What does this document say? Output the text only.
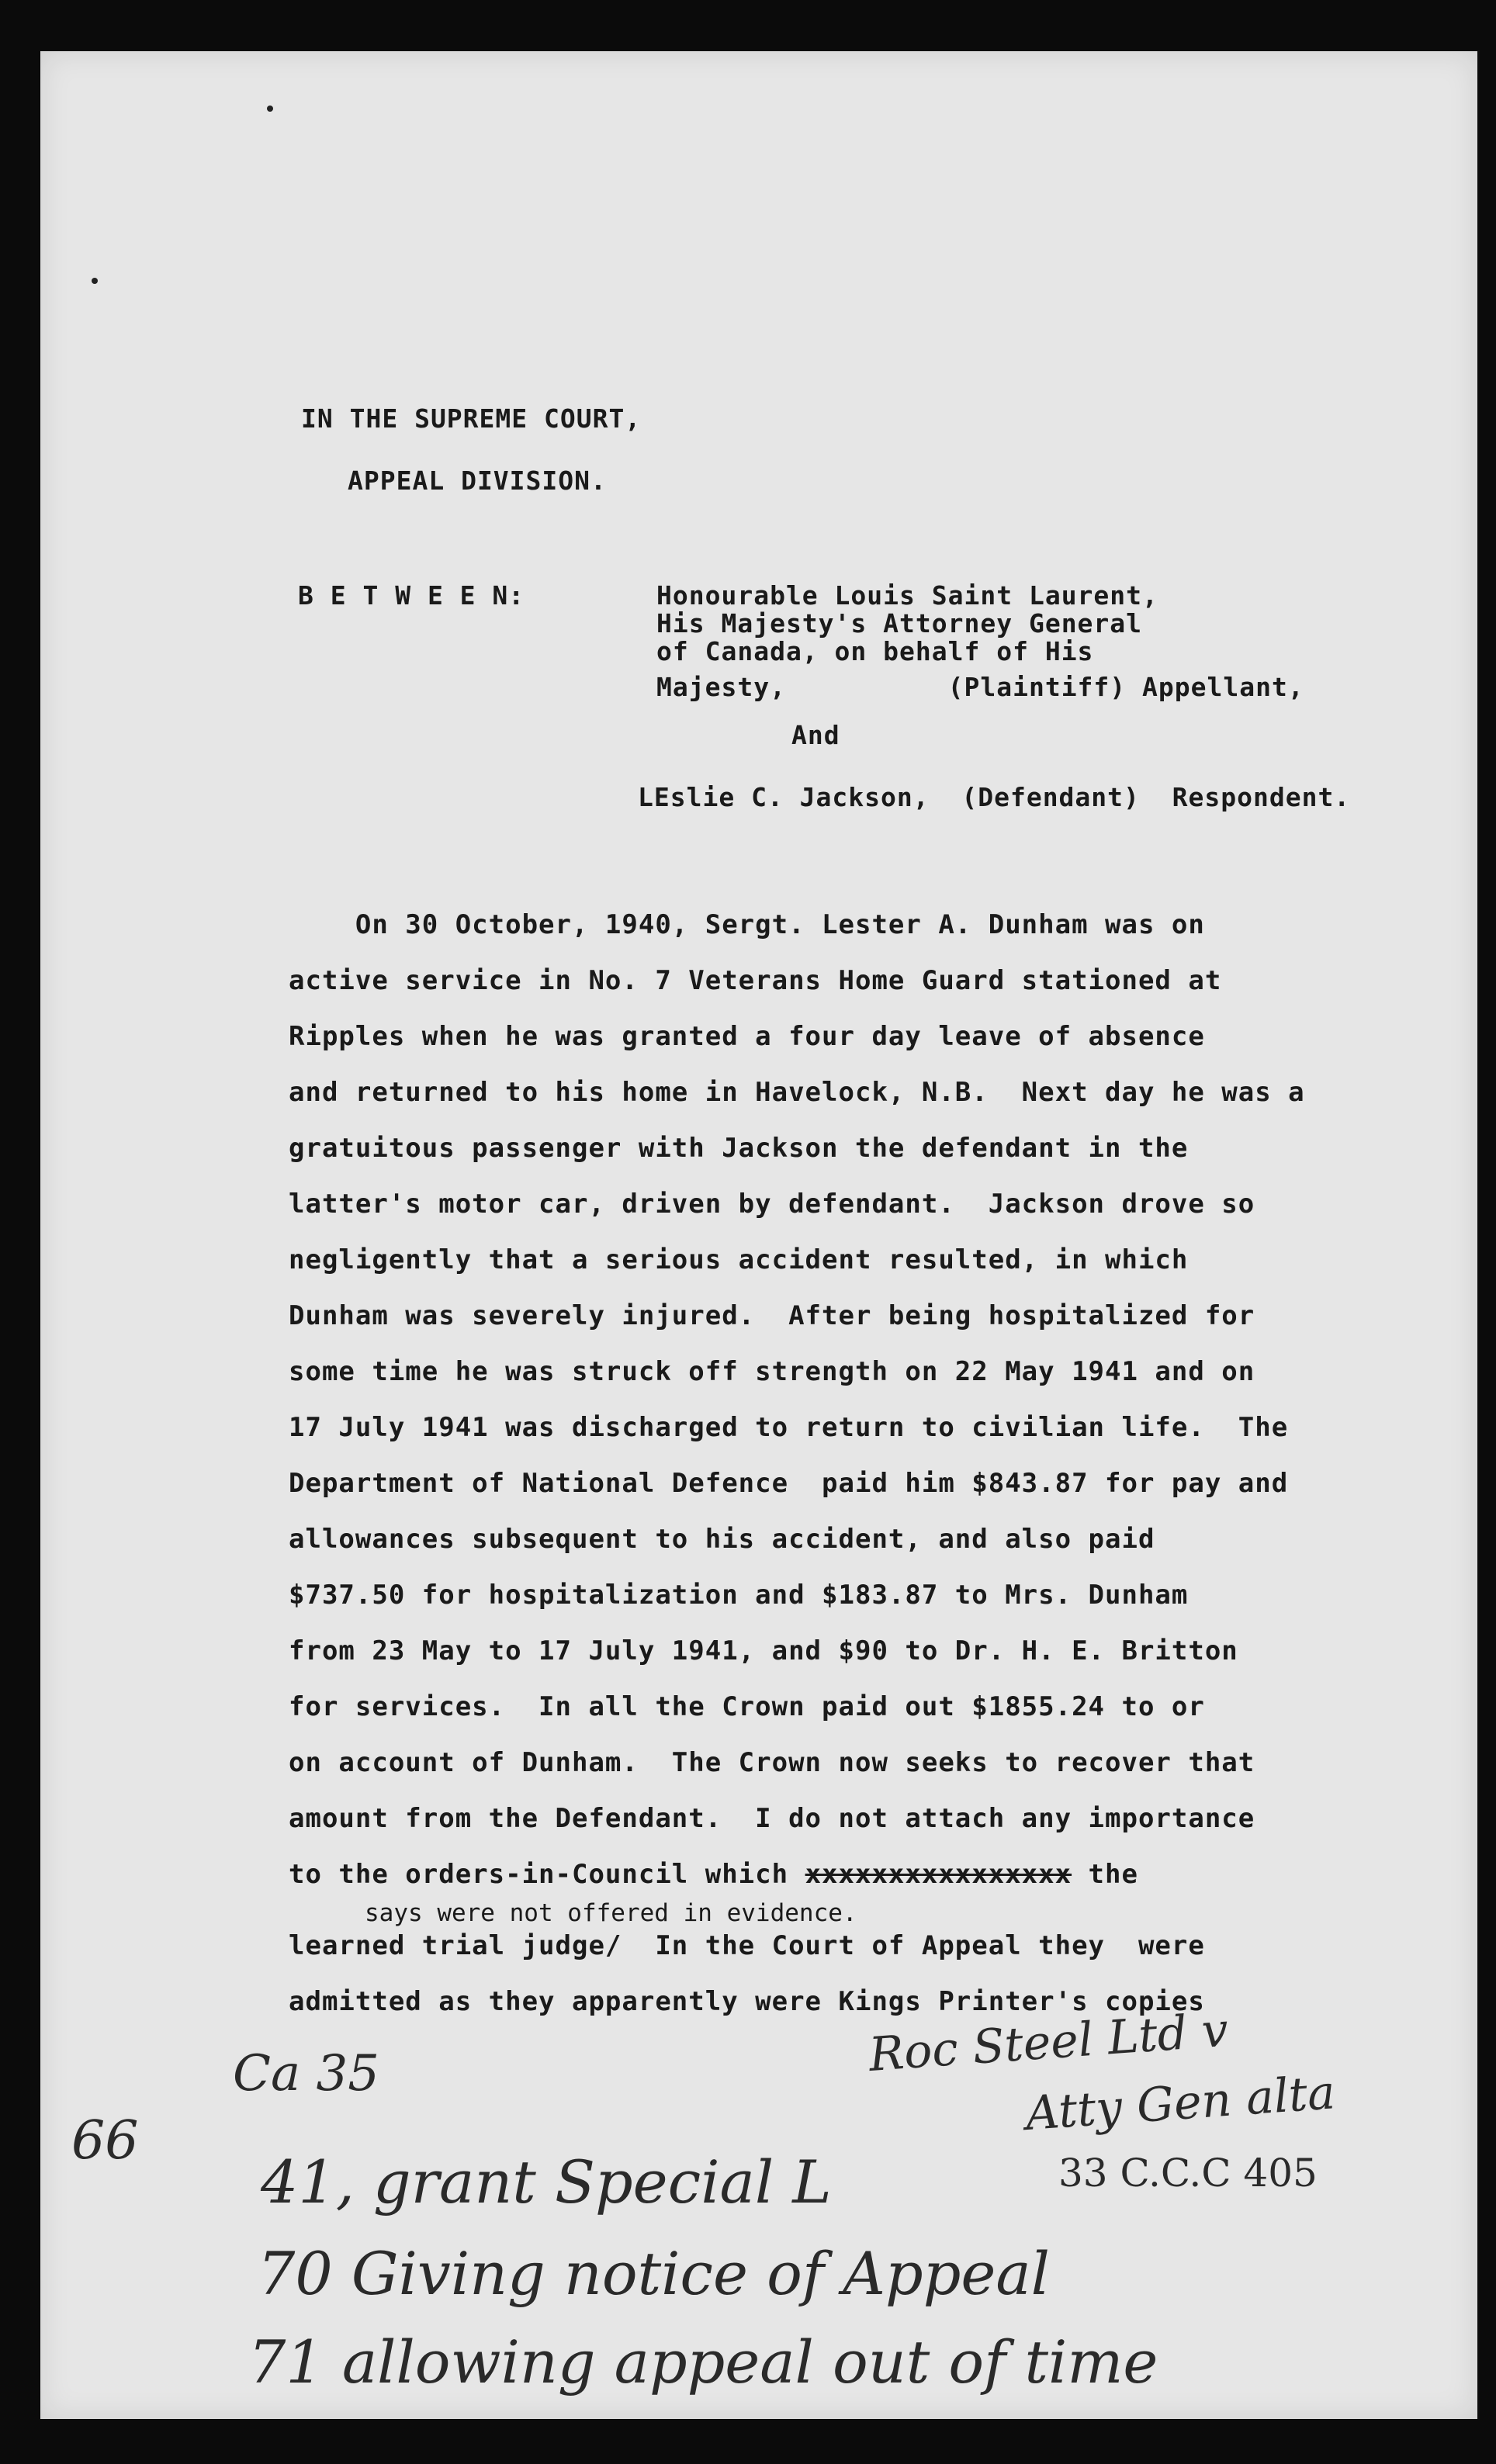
IN THE SUPREME COURT,
APPEAL DIVISION.
B E T W E E N:	Honourable Louis Saint Laurent,
His Majesty's Attorney General
of Canada, on behalf of His
Majesty,          (Plaintiff) Appellant,
And
LEslie C. Jackson,  (Defendant)  Respondent.
On 30 October, 1940, Sergt. Lester A. Dunham was on
active service in No. 7 Veterans Home Guard stationed at
Ripples when he was granted a four day leave of absence
and returned to his home in Havelock, N.B.  Next day he was a
gratuitous passenger with Jackson the defendant in the
latter's motor car, driven by defendant.  Jackson drove so
negligently that a serious accident resulted, in which
Dunham was severely injured.  After being hospitalized for
some time he was struck off strength on 22 May 1941 and on
17 July 1941 was discharged to return to civilian life.  The
Department of National Defence  paid him $843.87 for pay and
allowances subsequent to his accident, and also paid
$737.50 for hospitalization and $183.87 to Mrs. Dunham
from 23 May to 17 July 1941, and $90 to Dr. H. E. Britton
for services.  In all the Crown paid out $1855.24 to or
on account of Dunham.  The Crown now seeks to recover that
amount from the Defendant.  I do not attach any importance
to the orders-in-Council which xxxxxxxxxxxxxxxx the
says were not offered in evidence.
learned trial judge/  In the Court of Appeal they  were
admitted as they apparently were Kings Printer's copies
66
Ca 35	Roc Steel Ltd v
Atty Gen alta
33 C.C.C 405
41, grant Special L
70 Giving notice of Appeal
71 allowing appeal out of time
